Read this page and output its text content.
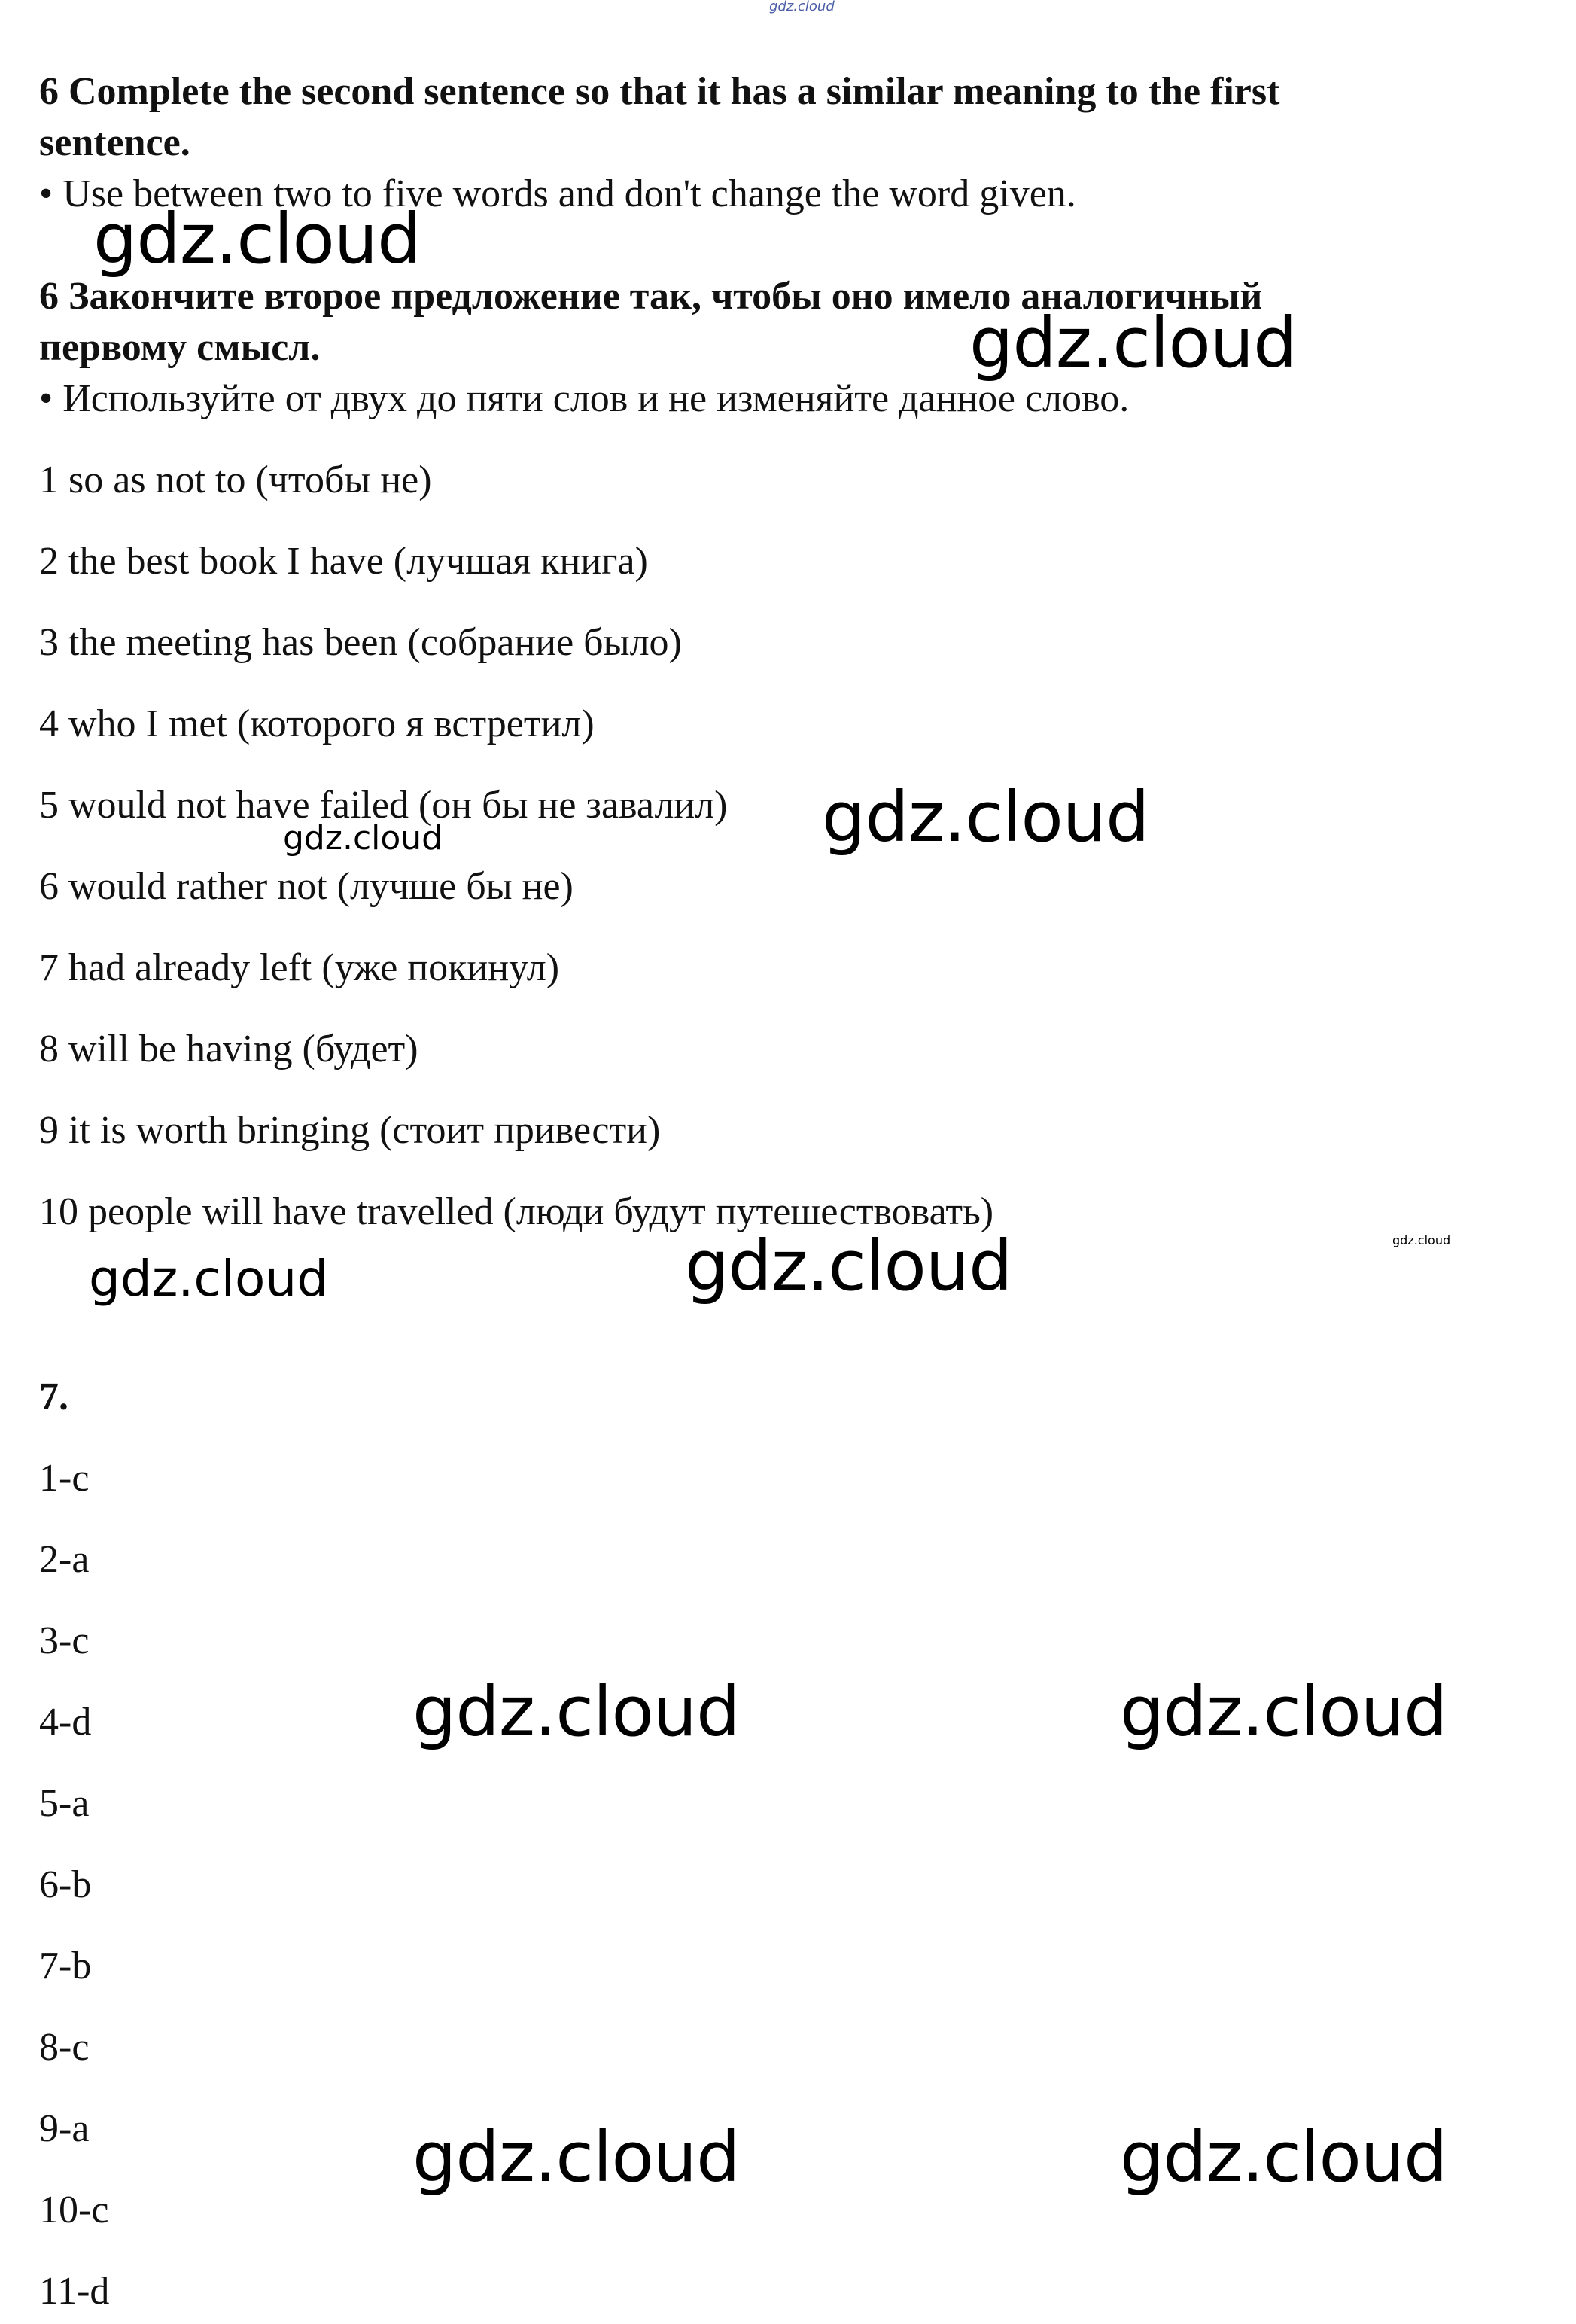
6 Complete the second sentence so that it has a similar meaning to the first
sentence.
• Use between two to five words and don't change the word given.
6 Закончите второе предложение так, чтобы оно имело аналогичный
первому смысл.
• Используйте от двух до пяти слов и не изменяйте данное слово.
1 so as not to (чтобы не)
2 the best book I have (лучшая книга)
3 the meeting has been (собрание было)
4 who I met (которого я встретил)
5 would not have failed (он бы не завалил)
6 would rather not (лучше бы не)
7 had already left (уже покинул)
8 will be having (будет)
9 it is worth bringing (стоит привести)
10 people will have travelled (люди будут путешествовать)
7.
1-c
2-a
3-c
4-d
5-a
6-b
7-b
8-c
9-a
10-c
11-d
gdz.cloud
gdz.cloud
gdz.cloud
gdz.cloud	gdz.cloud
gdz.cloud
gdz.cloud	gdz.cloud
gdz.cloud	gdz.cloud
gdz.cloud	gdz.cloud
